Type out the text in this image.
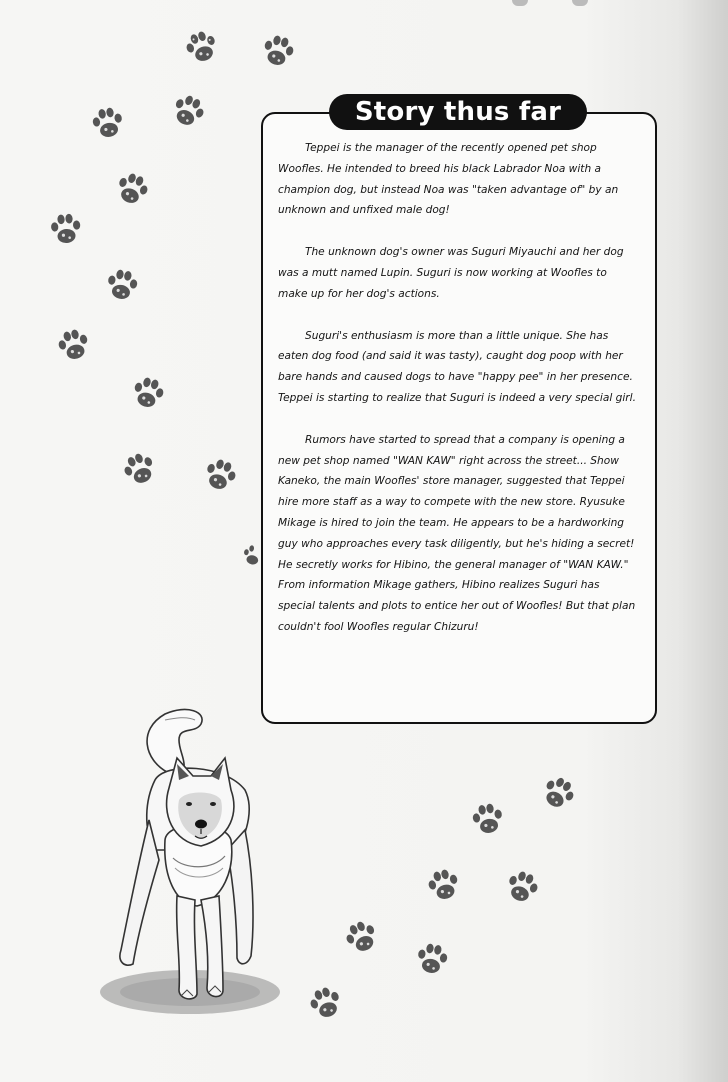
Story thus far

Teppei is the manager of the recently opened pet shop Woofles. He intended to breed his black Labrador Noa with a champion dog, but instead Noa was "taken advantage of" by an unknown and unfixed male dog!

The unknown dog's owner was Suguri Miyauchi and her dog was a mutt named Lupin. Suguri is now working at Woofles to make up for her dog's actions.

Suguri's enthusiasm is more than a little unique. She has eaten dog food (and said it was tasty), caught dog poop with her bare hands and caused dogs to have "happy pee" in her presence. Teppei is starting to realize that Suguri is indeed a very special girl.

Rumors have started to spread that a company is opening a new pet shop named "WAN KAW" right across the street... Show Kaneko, the main Woofles' store manager, suggested that Teppei hire more staff as a way to compete with the new store. Ryusuke Mikage is hired to join the team. He appears to be a hardworking guy who approaches every task diligently, but he's hiding a secret! He secretly works for Hibino, the general manager of "WAN KAW." From information Mikage gathers, Hibino realizes Suguri has special talents and plots to entice her out of Woofles! But that plan couldn't fool Woofles regular Chizuru!
